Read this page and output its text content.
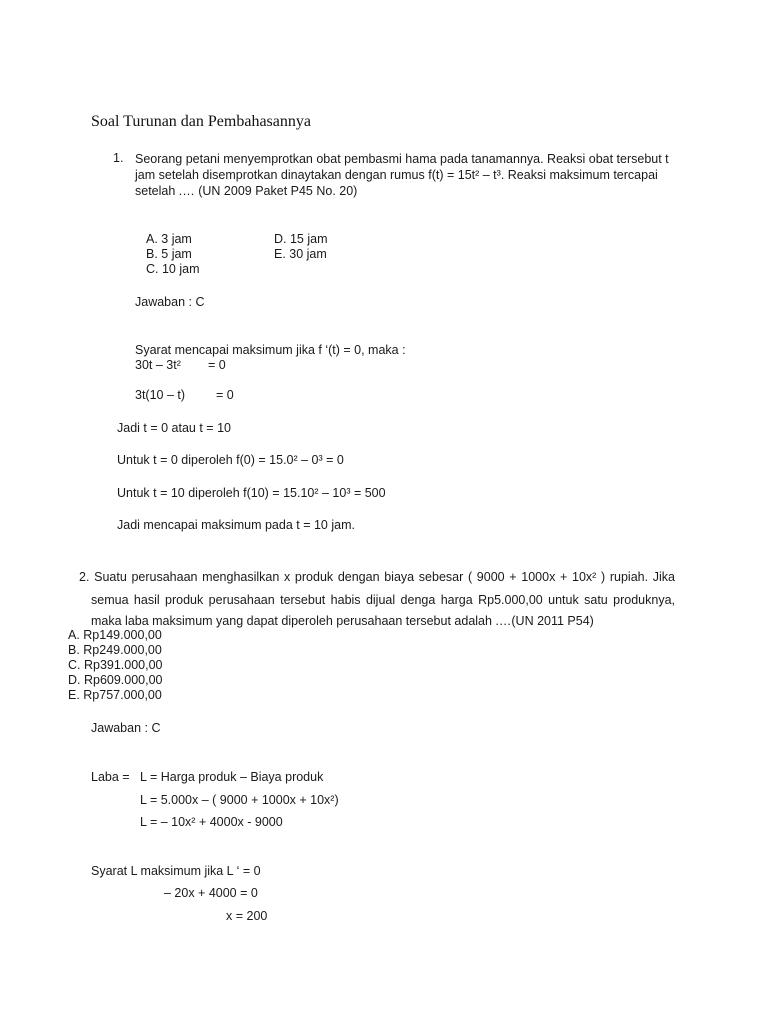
Soal Turunan dan Pembahasannya
1. Seorang petani menyemprotkan obat pembasmi hama pada tanamannya. Reaksi obat tersebut t
jam setelah disemprotkan dinaytakan dengan rumus f(t) = 15t² – t³. Reaksi maksimum tercapai
setelah .… (UN 2009 Paket P45 No. 20)
A. 3 jam
B. 5 jam
C. 10 jam
D. 15 jam
E. 30 jam
Jawaban : C
Syarat mencapai maksimum jika f ‘(t) = 0, maka :
30t – 3t² = 0
3t(10 – t) = 0
Jadi t = 0 atau t = 10
Untuk t = 0 diperoleh f(0) = 15.0² – 0³ = 0
Untuk t = 10 diperoleh f(10) = 15.10² – 10³ = 500
Jadi mencapai maksimum pada t = 10 jam.
2. Suatu perusahaan menghasilkan x produk dengan biaya sebesar ( 9000 + 1000x + 10x² ) rupiah. Jika
semua hasil produk perusahaan tersebut habis dijual denga harga Rp5.000,00 untuk satu produknya,
maka laba maksimum yang dapat diperoleh perusahaan tersebut adalah .…(UN 2011 P54)
A. Rp149.000,00
B. Rp249.000,00
C. Rp391.000,00
D. Rp609.000,00
E. Rp757.000,00
Jawaban : C
Laba = L = Harga produk – Biaya produk
L = 5.000x – ( 9000 + 1000x + 10x²)
L = – 10x² + 4000x - 9000
Syarat L maksimum jika L ‘ = 0
– 20x + 4000 = 0
x = 200
